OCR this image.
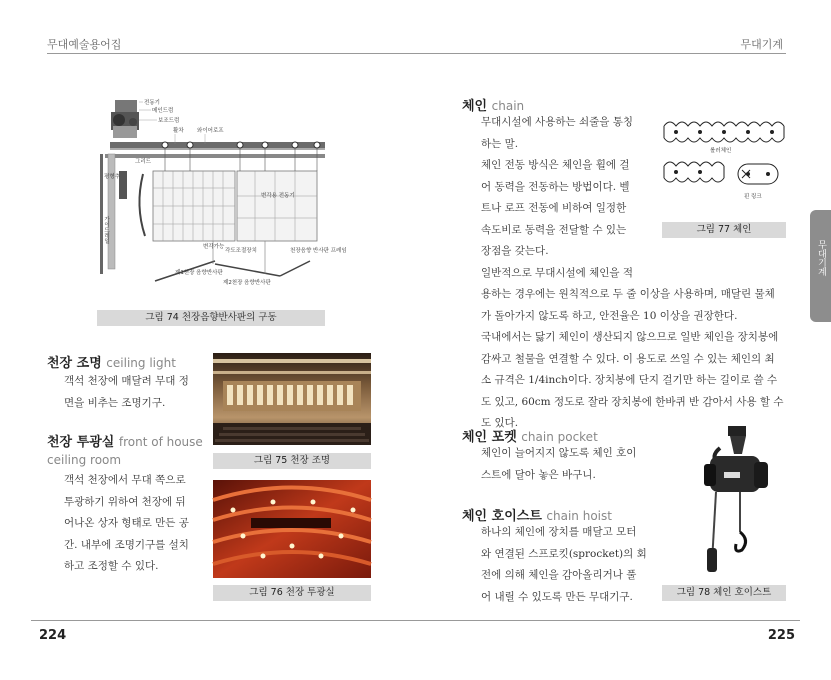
무대예술용어집	무대기계
무대기계
전동기
메인드럼
보조드럼
활차 와이어로프
그리드
평형추
변각가능
각도조절장치
변각용 전동기
천장음향 반사판 프레임
제1천장 음향반사판
제2천장 음향반사판
가이드레일
그림 74 천장음향반사판의 구동
천장 조명 ceiling light

객석 천장에 매달려 무대 정

면을 비추는 조명기구.

천장 투광실 front of house
ceiling room

객석 천장에서 무대 쪽으로

투광하기 위하여 천장에 뒤

어나온 상자 형태로 만든 공

간. 내부에 조명기구를 설치

하고 조정할 수 있다.

그림 75 천장 조명
그림 76 천장 투광실
체인 chain

무대시설에 사용하는 쇠줄을 통칭

하는 말.

체인 전동 방식은 체인을 휠에 걸

어 동력을 전동하는 방법이다. 벨

트나 로프 전동에 비하여 일정한

속도비로 동력을 전달할 수 있는

장점을 갖는다.

일반적으로 무대시설에 체인을 적

용하는 경우에는 원칙적으로 두 줄 이상을 사용하며, 매달린 물체

가 돌아가지 않도록 하고, 안전율은 10 이상을 권장한다.

국내에서는 닳기 체인이 생산되지 않으므로 일반 체인을 장치봉에

감싸고 철물을 연결할 수 있다. 이 용도로 쓰일 수 있는 체인의 최

소 규격은 1/4inch이다. 장치봉에 단지 걸기만 하는 길이로 쓸 수

도 있고, 60cm 정도로 잘라 장치봉에 한바퀴 반 감아서 사용 할 수

도 있다.

롤러체인
핀 링크
그림 77 체인
체인 포켓 chain pocket

체인이 늘어지지 않도록 체인 호이

스트에 달아 놓은 바구니.

체인 호이스트 chain hoist

하나의 체인에 장치를 매달고 모터

와 연결된 스프로킷(sprocket)의 회

전에 의해 체인을 감아올리거나 풀

어 내릴 수 있도록 만든 무대기구.	그림 78 체인 호이스트
224	225
